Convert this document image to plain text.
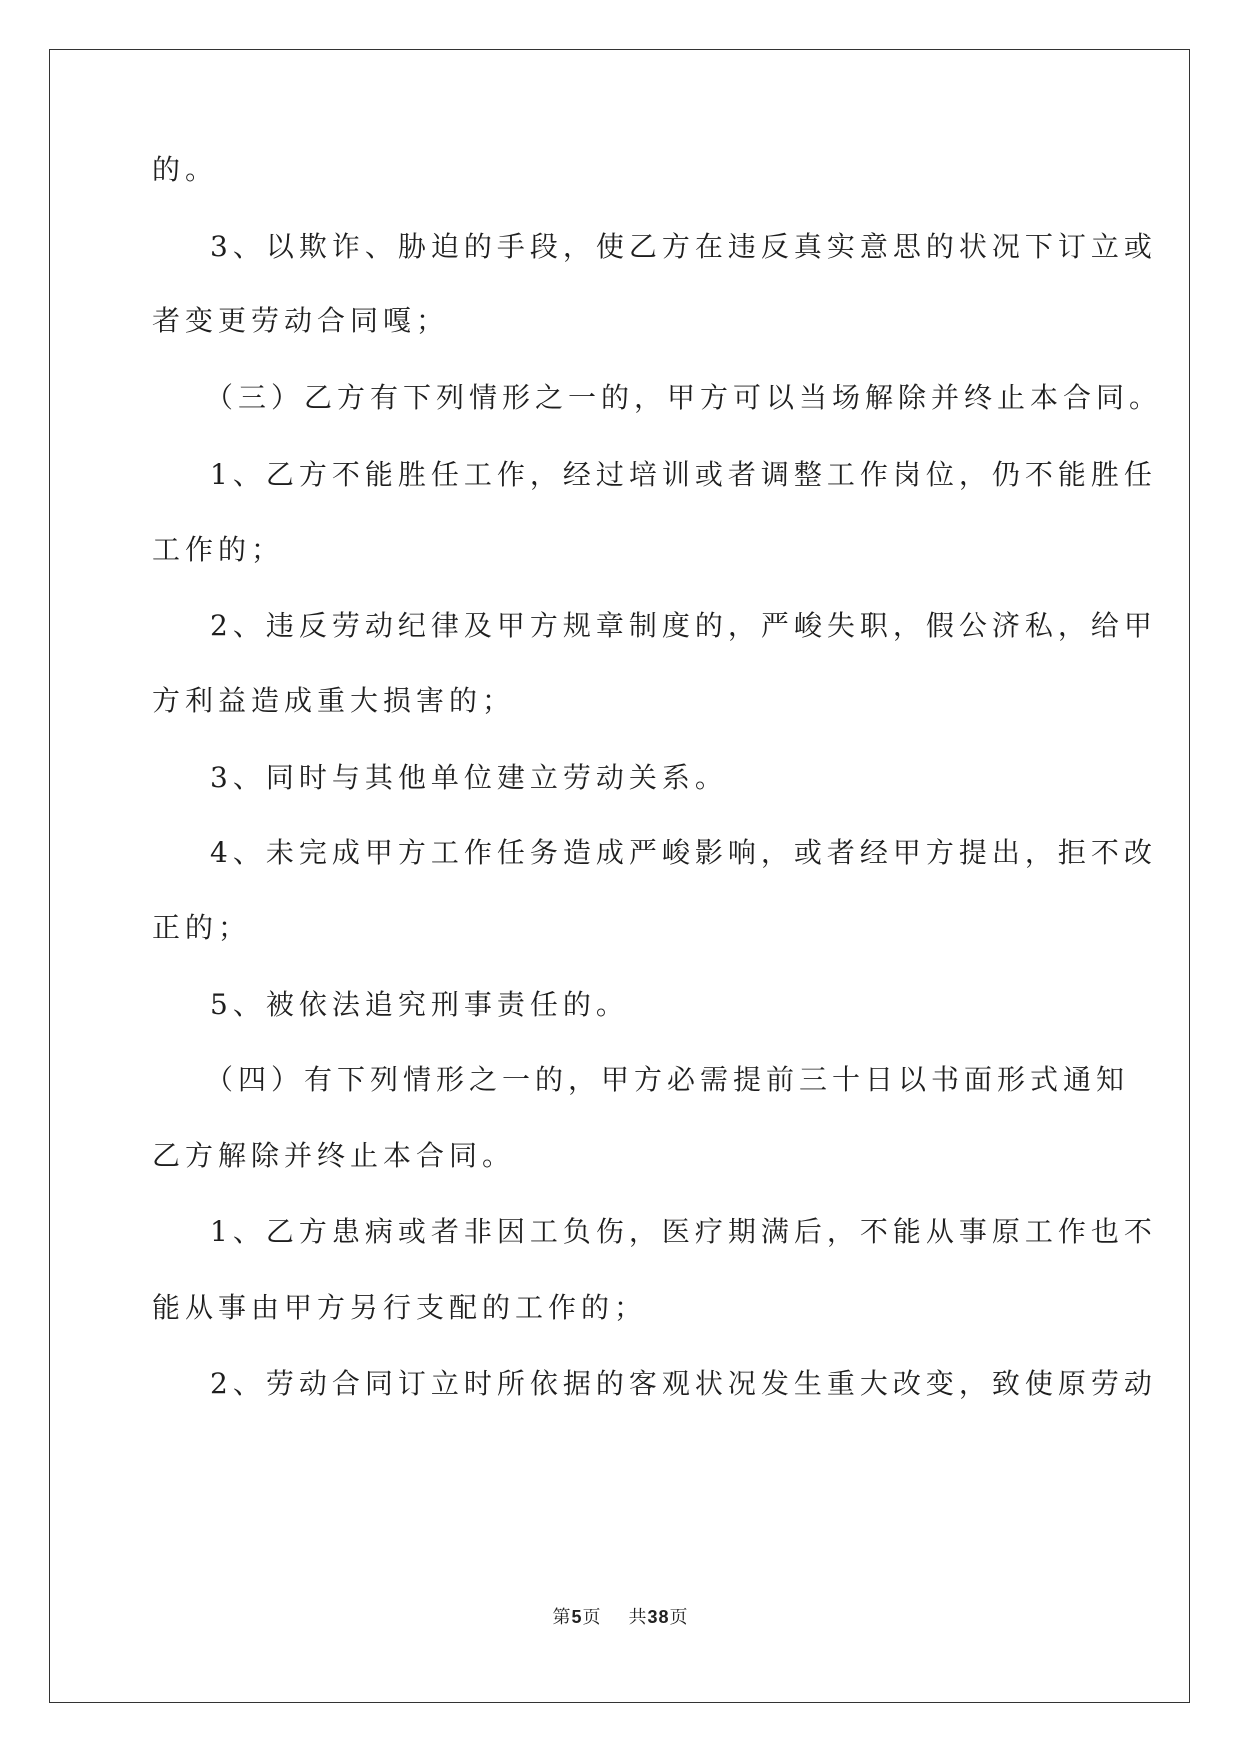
的。
3、以欺诈、胁迫的手段，使乙方在违反真实意思的状况下订立或
者变更劳动合同嘎；
（三）乙方有下列情形之一的，甲方可以当场解除并终止本合同。
1、乙方不能胜任工作，经过培训或者调整工作岗位，仍不能胜任
工作的；
2、违反劳动纪律及甲方规章制度的，严峻失职，假公济私，给甲
方利益造成重大损害的；
3、同时与其他单位建立劳动关系。
4、未完成甲方工作任务造成严峻影响，或者经甲方提出，拒不改
正的；
5、被依法追究刑事责任的。
（四）有下列情形之一的，甲方必需提前三十日以书面形式通知
乙方解除并终止本合同。
1、乙方患病或者非因工负伤，医疗期满后，不能从事原工作也不
能从事由甲方另行支配的工作的；
2、劳动合同订立时所依据的客观状况发生重大改变，致使原劳动
第5页 共38页
